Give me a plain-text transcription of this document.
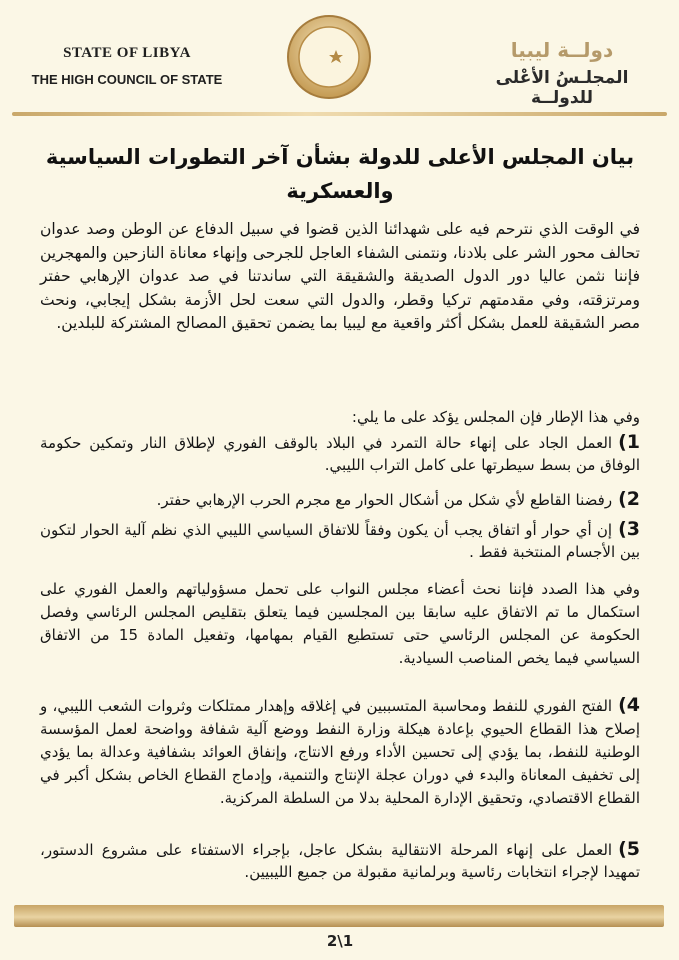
STATE OF LIBYA
THE HIGH COUNCIL OF STATE
دولــة ليبيا
المجلـسُ الأعْلى للدولــة
بيان المجلس الأعلى للدولة بشأن آخر التطورات السياسية والعسكرية
في الوقت الذي نترحم فيه على شهدائنا الذين قضوا في سبيل الدفاع عن الوطن وصد عدوان تحالف محور الشر على بلادنا، ونتمنى الشفاء العاجل للجرحى وإنهاء معاناة النازحين والمهجرين فإننا نثمن عاليا دور الدول الصديقة والشقيقة التي ساندتنا في صد عدوان الإرهابي حفتر ومرتزقته، وفي مقدمتهم تركيا وقطر، والدول التي سعت لحل الأزمة بشكل إيجابي، ونحث مصر الشقيقة للعمل بشكل أكثر واقعية مع ليبيا بما يضمن تحقيق المصالح المشتركة للبلدين.
وفي هذا الإطار فإن المجلس يؤكد على ما يلي:
1)العمل الجاد على إنهاء حالة التمرد في البلاد بالوقف الفوري لإطلاق النار وتمكين حكومة الوفاق من بسط سيطرتها على كامل التراب الليبي.
2)رفضنا القاطع لأي شكل من أشكال الحوار مع مجرم الحرب الإرهابي حفتر.
3)إن أي حوار أو اتفاق يجب أن يكون وفقاً للاتفاق السياسي الليبي الذي نظم آلية الحوار لتكون بين الأجسام المنتخبة فقط .
وفي هذا الصدد فإننا نحث أعضاء مجلس النواب على تحمل مسؤولياتهم والعمل الفوري على استكمال ما تم الاتفاق عليه سابقا بين المجلسين فيما يتعلق بتقليص المجلس الرئاسي وفصل الحكومة عن المجلس الرئاسي حتى تستطيع القيام بمهامها، وتفعيل المادة 15 من الاتفاق السياسي فيما يخص المناصب السيادية.
4)الفتح الفوري للنفط ومحاسبة المتسببين في إغلاقه وإهدار ممتلكات وثروات الشعب الليبي، و إصلاح هذا القطاع الحيوي بإعادة هيكلة وزارة النفط ووضع آلية شفافة وواضحة لعمل المؤسسة الوطنية للنفط، بما يؤدي إلى تحسين الأداء ورفع الانتاج، وإنفاق العوائد بشفافية وعدالة بما يؤدي إلى تخفيف المعاناة والبدء في دوران عجلة الإنتاج والتنمية، وإدماج القطاع الخاص بشكل أكبر في القطاع الاقتصادي، وتحقيق الإدارة المحلية بدلا من السلطة المركزية.
5)العمل على إنهاء المرحلة الانتقالية بشكل عاجل، بإجراء الاستفتاء على مشروع الدستور، تمهيدا لإجراء انتخابات رئاسية وبرلمانية مقبولة من جميع الليبيين.
2\1
